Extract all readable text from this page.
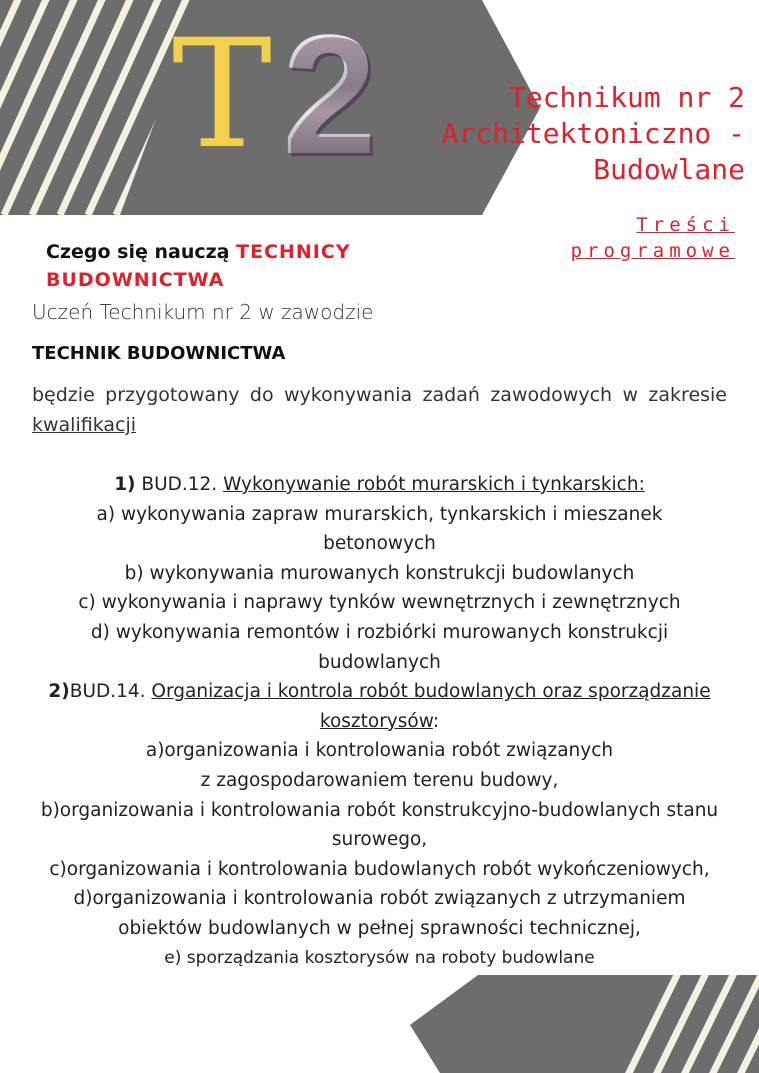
T 2	Technikum nr 2
Architektoniczno -
Budowlane
Treści
programowe
Czego się nauczą TECHNICY BUDOWNICTWA
Uczeń Technikum nr 2 w zawodzie
TECHNIK BUDOWNICTWA
będzie przygotowany do wykonywania zadań zawodowych w zakresie kwalifikacji
1) BUD.12. Wykonywanie robót murarskich i tynkarskich:
a) wykonywania zapraw murarskich, tynkarskich i mieszanek betonowych
b) wykonywania murowanych konstrukcji budowlanych
c) wykonywania i naprawy tynków wewnętrznych i zewnętrznych
d) wykonywania remontów i rozbiórki murowanych konstrukcji budowlanych
2)BUD.14. Organizacja i kontrola robót budowlanych oraz sporządzanie kosztorysów:
a)organizowania i kontrolowania robót związanych
z zagospodarowaniem terenu budowy,
b)organizowania i kontrolowania robót konstrukcyjno-budowlanych stanu surowego,
c)organizowania i kontrolowania budowlanych robót wykończeniowych,
d)organizowania i kontrolowania robót związanych z utrzymaniem obiektów budowlanych w pełnej sprawności technicznej,
e) sporządzania kosztorysów na roboty budowlane
